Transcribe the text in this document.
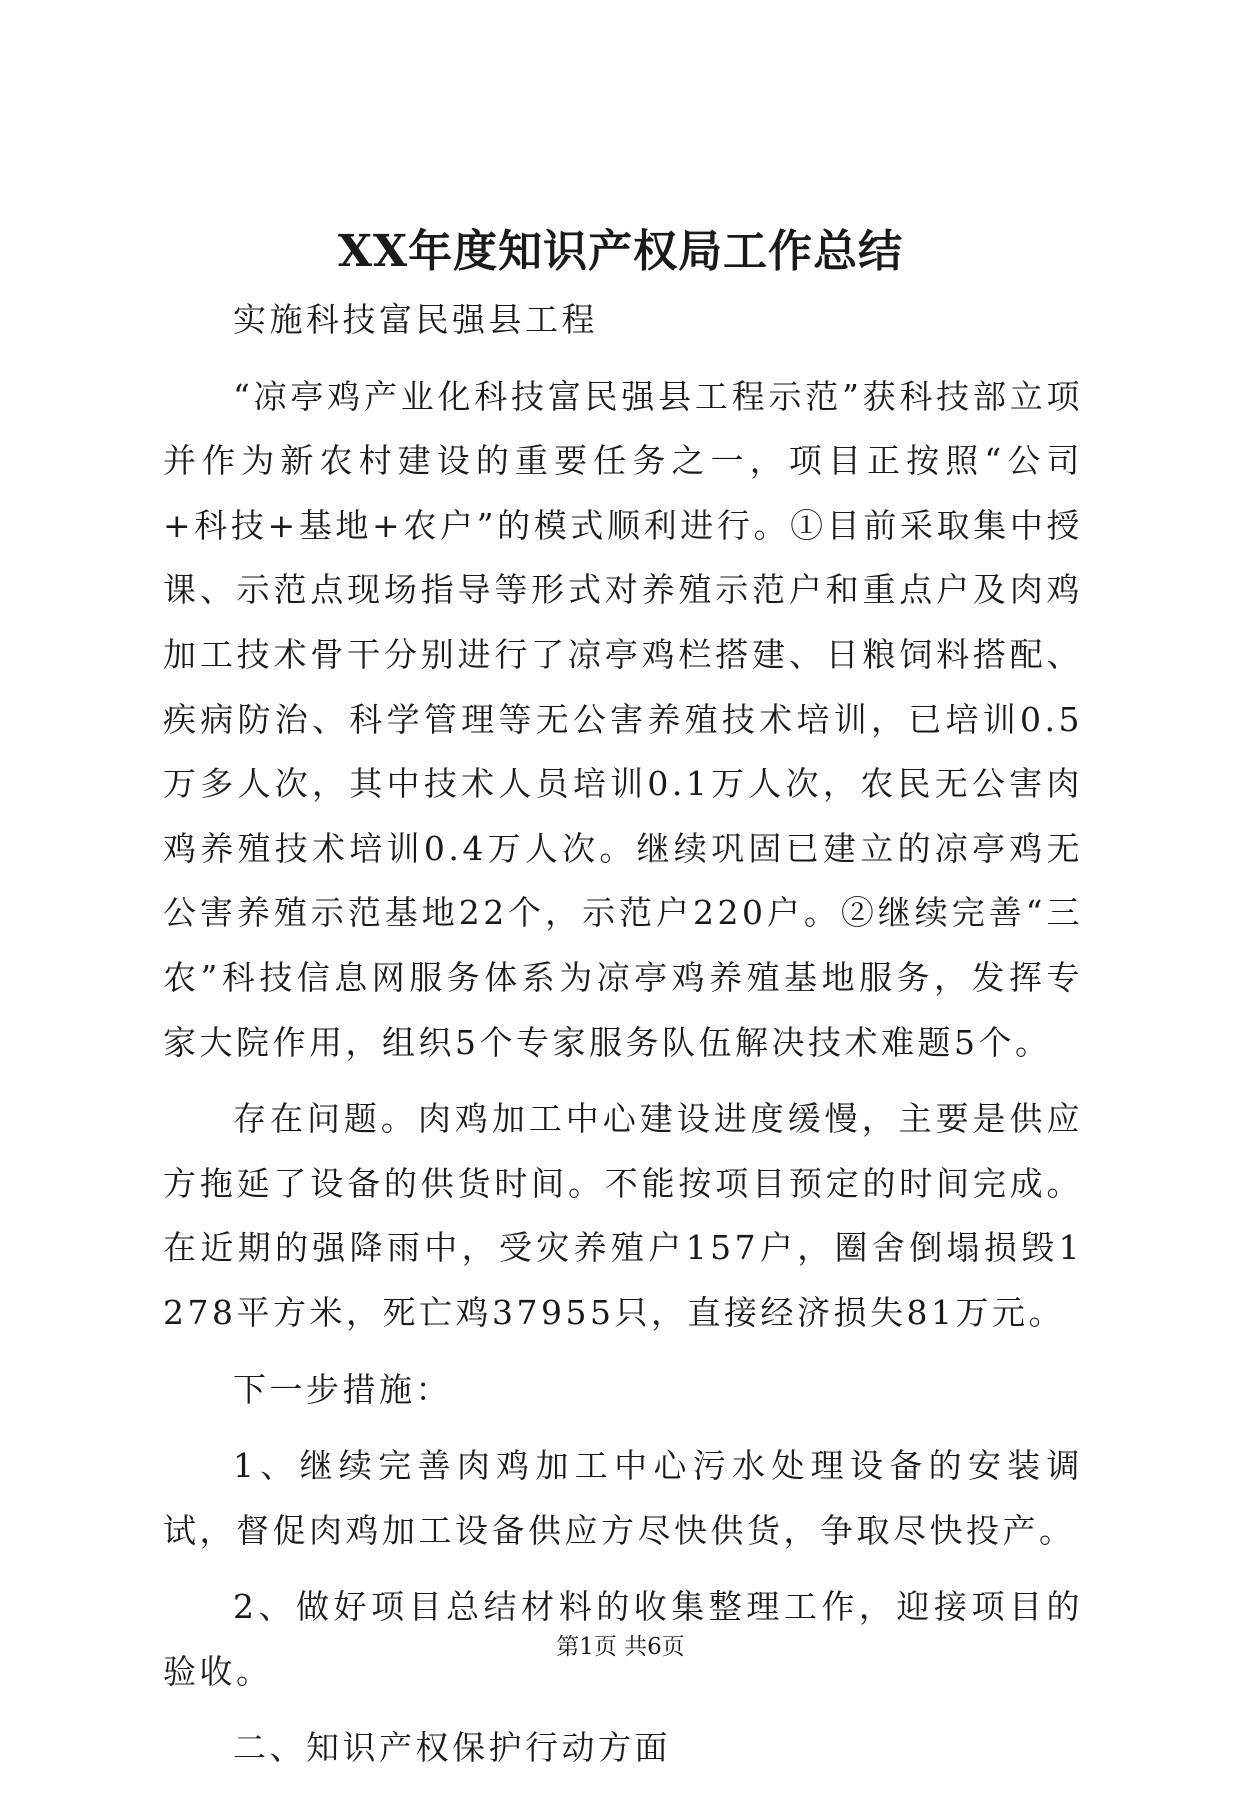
XX年度知识产权局工作总结

实施科技富民强县工程

“凉亭鸡产业化科技富民强县工程示范”获科技部立项并作为新农村建设的重要任务之一，项目正按照“公司+科技+基地+农户”的模式顺利进行。①目前采取集中授课、示范点现场指导等形式对养殖示范户和重点户及肉鸡加工技术骨干分别进行了凉亭鸡栏搭建、日粮饲料搭配、疾病防治、科学管理等无公害养殖技术培训，已培训0.5万多人次，其中技术人员培训0.1万人次，农民无公害肉鸡养殖技术培训0.4万人次。继续巩固已建立的凉亭鸡无公害养殖示范基地22个，示范户220户。②继续完善“三农”科技信息网服务体系为凉亭鸡养殖基地服务，发挥专家大院作用，组织5个专家服务队伍解决技术难题5个。

存在问题。肉鸡加工中心建设进度缓慢，主要是供应方拖延了设备的供货时间。不能按项目预定的时间完成。在近期的强降雨中，受灾养殖户157户，圈舍倒塌损毁1278平方米，死亡鸡37955只，直接经济损失81万元。

下一步措施：

1、继续完善肉鸡加工中心污水处理设备的安装调试，督促肉鸡加工设备供应方尽快供货，争取尽快投产。

2、做好项目总结材料的收集整理工作，迎接项目的验收。

二、知识产权保护行动方面

第1页 共6页
